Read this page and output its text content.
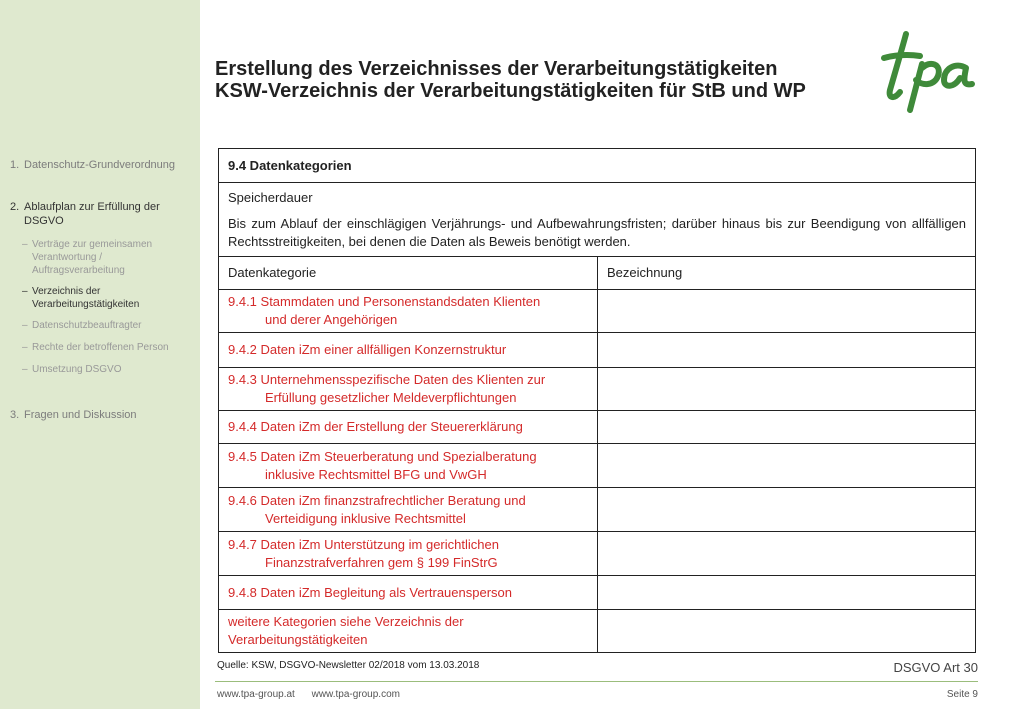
1. Datenschutz-Grundverordnung
2. Ablaufplan zur Erfüllung der DSGVO
– Verträge zur gemeinsamen Verantwortung / Auftragsverarbeitung
– Verzeichnis der Verarbeitungstätigkeiten
– Datenschutzbeauftragter
– Rechte der betroffenen Person
– Umsetzung DSGVO
3. Fragen und Diskussion
Erstellung des Verzeichnisses der Verarbeitungstätigkeiten
KSW-Verzeichnis der Verarbeitungstätigkeiten für StB und WP
9.4 Datenkategorien	

Speicherdauer
Bis zum Ablauf der einschlägigen Verjährungs- und Aufbewahrungsfristen; darüber hinaus bis zur Beendigung von allfälligen Rechtsstreitigkeiten, bei denen die Daten als Beweis benötigt werden.	

Datenkategorie	Bezeichnung
9.4.1 Stammdaten und Personenstandsdaten Klienten
und derer Angehörigen	

9.4.2 Daten iZm einer allfälligen Konzernstruktur	
9.4.3 Unternehmensspezifische Daten des Klienten zur
Erfüllung gesetzlicher Meldeverpflichtungen	

9.4.4 Daten iZm der Erstellung der Steuererklärung	
9.4.5 Daten iZm Steuerberatung und Spezialberatung
inklusive Rechtsmittel BFG und VwGH	

9.4.6 Daten iZm finanzstrafrechtlicher Beratung und
Verteidigung inklusive Rechtsmittel	

9.4.7 Daten iZm Unterstützung im gerichtlichen
Finanzstrafverfahren gem § 199 FinStrG	

9.4.8 Daten iZm Begleitung als Vertrauensperson	

weitere Kategorien siehe Verzeichnis der
Verarbeitungstätigkeiten	

Quelle: KSW, DSGVO-Newsletter 02/2018 vom 13.03.2018	DSGVO Art 30
www.tpa-group.at www.tpa-group.com	Seite 9
